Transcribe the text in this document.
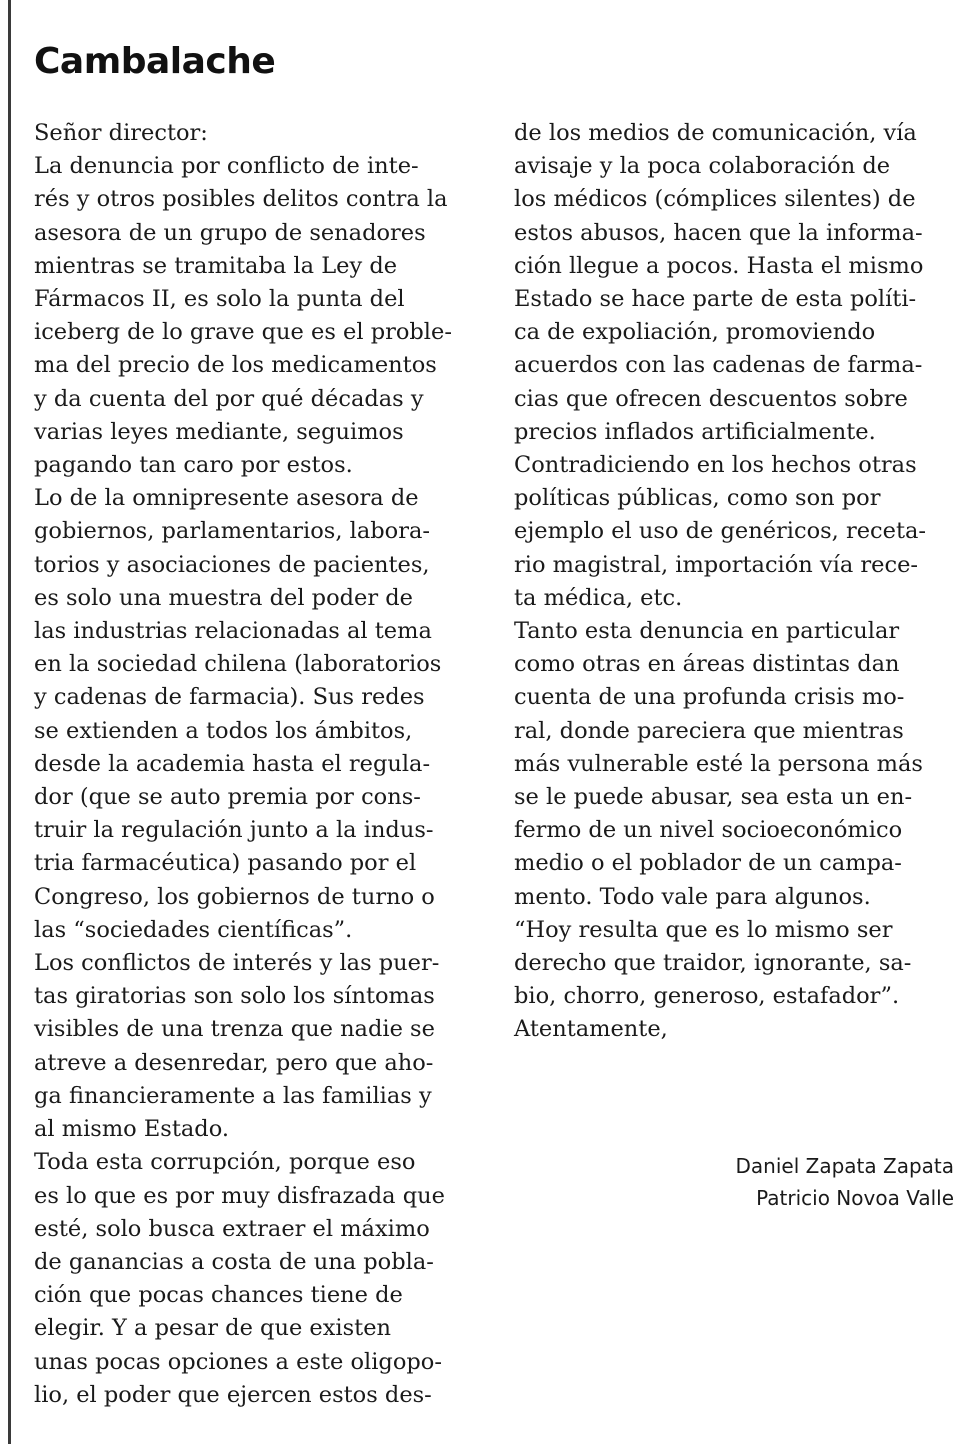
Cambalache
Señor director:
La denuncia por conflicto de inte-
rés y otros posibles delitos contra la
asesora de un grupo de senadores
mientras se tramitaba la Ley de
Fármacos II, es solo la punta del
iceberg de lo grave que es el proble-
ma del precio de los medicamentos
y da cuenta del por qué décadas y
varias leyes mediante, seguimos
pagando tan caro por estos.
Lo de la omnipresente asesora de
gobiernos, parlamentarios, labora-
torios y asociaciones de pacientes,
es solo una muestra del poder de
las industrias relacionadas al tema
en la sociedad chilena (laboratorios
y cadenas de farmacia). Sus redes
se extienden a todos los ámbitos,
desde la academia hasta el regula-
dor (que se auto premia por cons-
truir la regulación junto a la indus-
tria farmacéutica) pasando por el
Congreso, los gobiernos de turno o
las “sociedades científicas”.
Los conflictos de interés y las puer-
tas giratorias son solo los síntomas
visibles de una trenza que nadie se
atreve a desenredar, pero que aho-
ga financieramente a las familias y
al mismo Estado.
Toda esta corrupción, porque eso
es lo que es por muy disfrazada que
esté, solo busca extraer el máximo
de ganancias a costa de una pobla-
ción que pocas chances tiene de
elegir. Y a pesar de que existen
unas pocas opciones a este oligopo-
lio, el poder que ejercen estos des-
de los medios de comunicación, vía
avisaje y la poca colaboración de
los médicos (cómplices silentes) de
estos abusos, hacen que la informa-
ción llegue a pocos. Hasta el mismo
Estado se hace parte de esta políti-
ca de expoliación, promoviendo
acuerdos con las cadenas de farma-
cias que ofrecen descuentos sobre
precios inflados artificialmente.
Contradiciendo en los hechos otras
políticas públicas, como son por
ejemplo el uso de genéricos, receta-
rio magistral, importación vía rece-
ta médica, etc.
Tanto esta denuncia en particular
como otras en áreas distintas dan
cuenta de una profunda crisis mo-
ral, donde pareciera que mientras
más vulnerable esté la persona más
se le puede abusar, sea esta un en-
fermo de un nivel socioeconómico
medio o el poblador de un campa-
mento. Todo vale para algunos.
“Hoy resulta que es lo mismo ser
derecho que traidor, ignorante, sa-
bio, chorro, generoso, estafador”.
Atentamente,
Daniel Zapata Zapata
Patricio Novoa Valle
